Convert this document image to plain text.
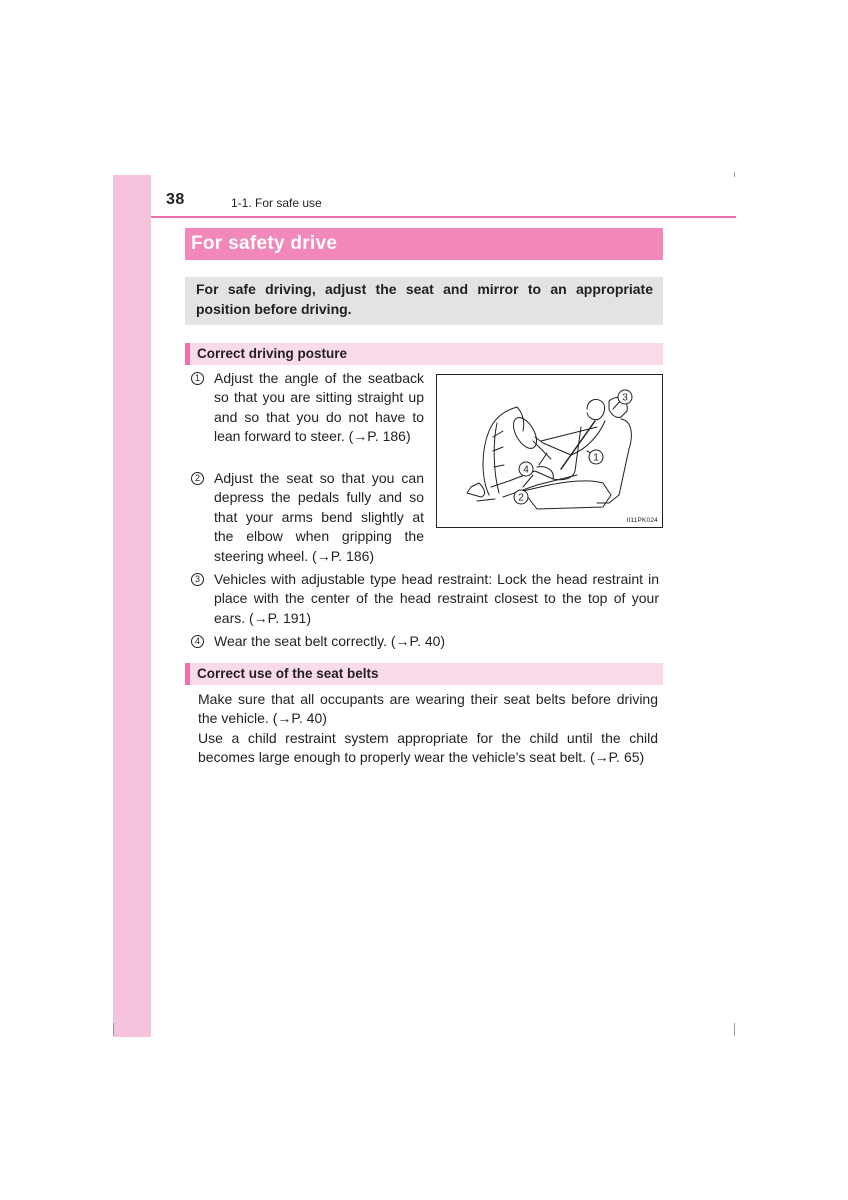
38	1-1. For safe use
For safety drive
For safe driving, adjust the seat and mirror to an appropriate position before driving.
Correct driving posture
1 Adjust the angle of the seatback so that you are sitting straight up and so that you do not have to lean forward to steer. (→P. 186)
2 Adjust the seat so that you can depress the pedals fully and so that your arms bend slightly at the elbow when gripping the steering wheel. (→P. 186)
3 Vehicles with adjustable type head restraint: Lock the head restraint in place with the center of the head restraint closest to the top of your ears. (→P. 191)
4 Wear the seat belt correctly. (→P. 40)
3
1
4
2
II11PK024
Correct use of the seat belts
Make sure that all occupants are wearing their seat belts before driving the vehicle. (→P. 40)
Use a child restraint system appropriate for the child until the child becomes large enough to properly wear the vehicle’s seat belt. (→P. 65)
